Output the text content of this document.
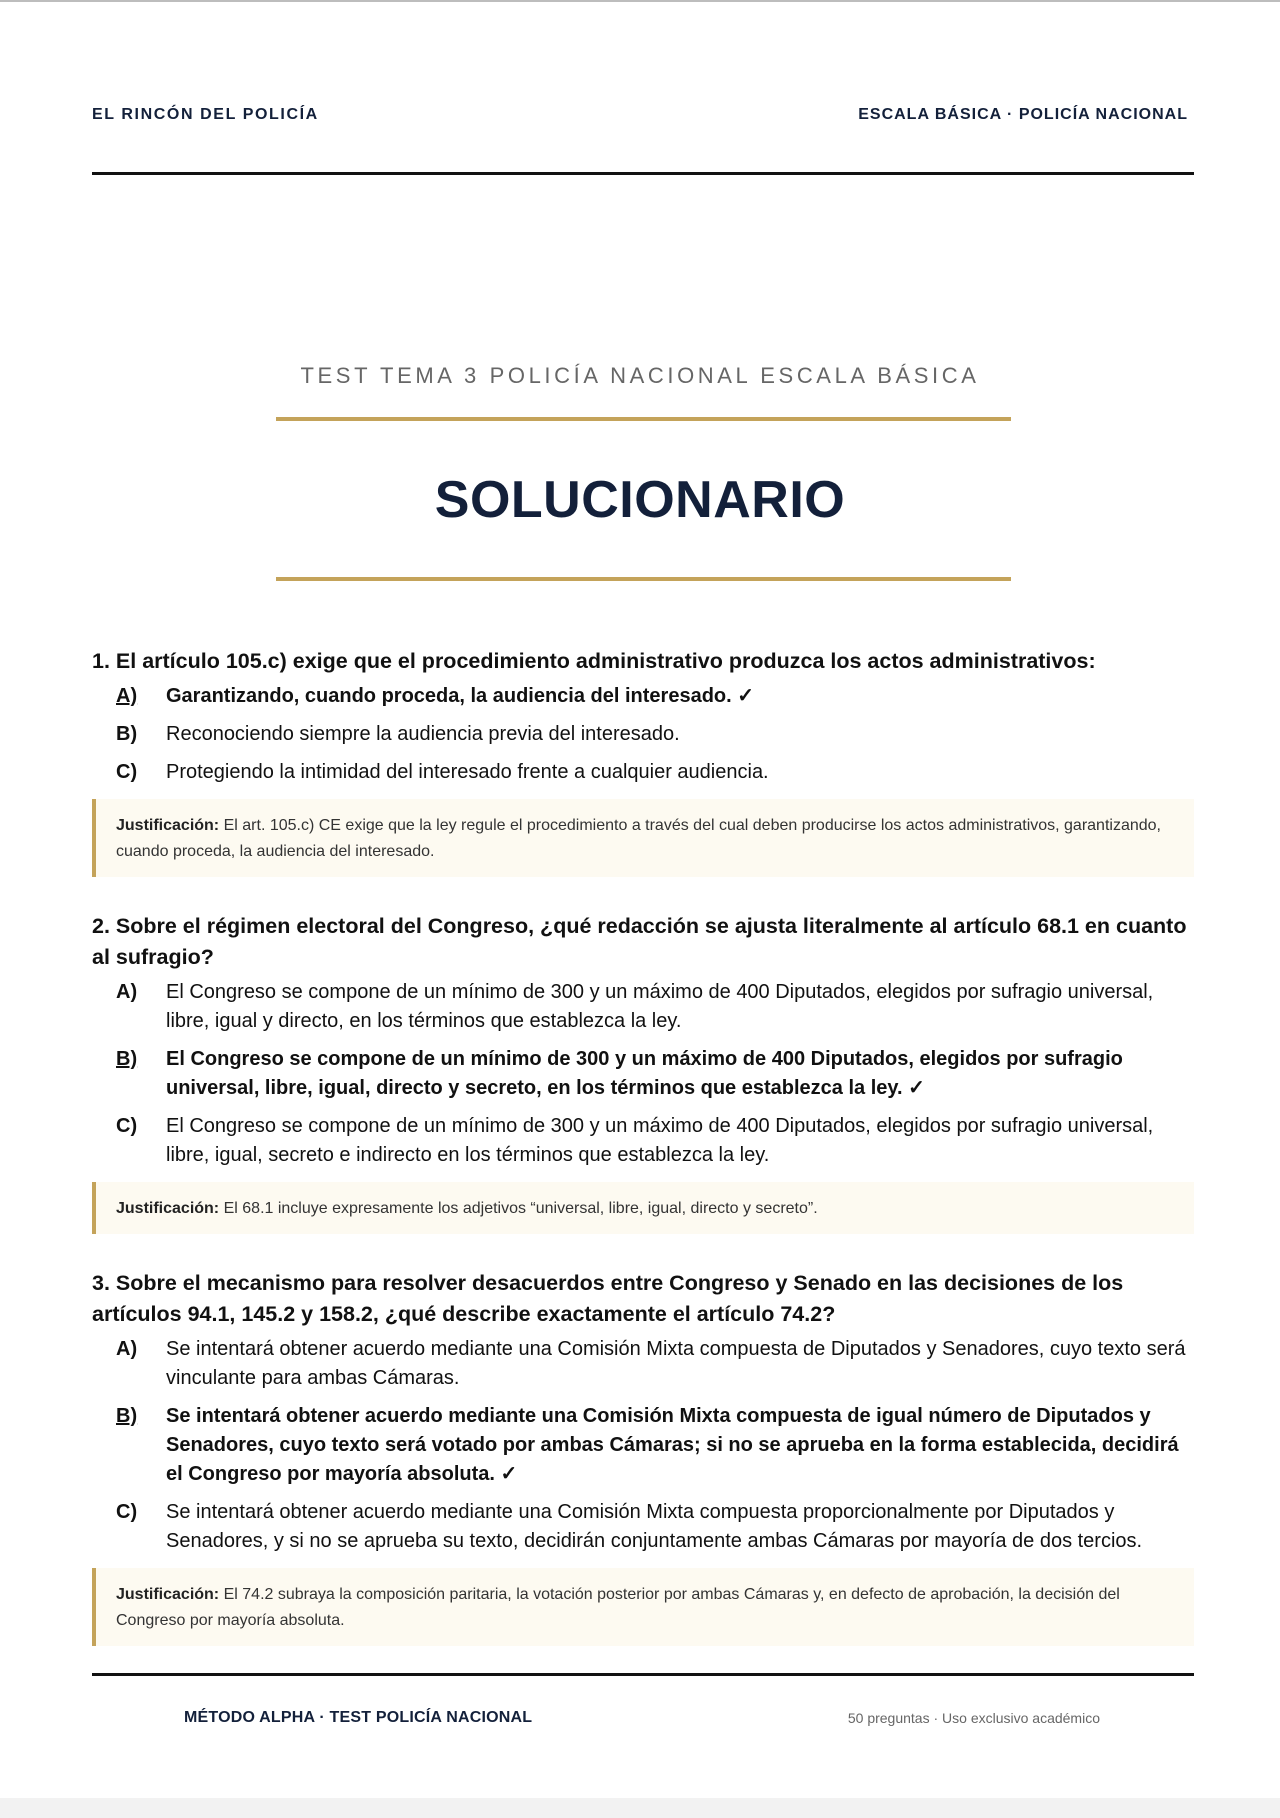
EL RINCÓN DEL POLICÍA	ESCALA BÁSICA · POLICÍA NACIONAL
TEST TEMA 3 POLICÍA NACIONAL ESCALA BÁSICA
SOLUCIONARIO

1. El artículo 105.c) exige que el procedimiento administrativo produzca los actos administrativos:

A)	Garantizando, cuando proceda, la audiencia del interesado. ✓
B)	Reconociendo siempre la audiencia previa del interesado.
C)	Protegiendo la intimidad del interesado frente a cualquier audiencia.
Justificación: El art. 105.c) CE exige que la ley regule el procedimiento a través del cual deben producirse los actos administrativos, garantizando, cuando proceda, la audiencia del interesado.

2. Sobre el régimen electoral del Congreso, ¿qué redacción se ajusta literalmente al artículo 68.1 en cuanto al sufragio?

A)	El Congreso se compone de un mínimo de 300 y un máximo de 400 Diputados, elegidos por sufragio universal, libre, igual y directo, en los términos que establezca la ley.
B)	El Congreso se compone de un mínimo de 300 y un máximo de 400 Diputados, elegidos por sufragio universal, libre, igual, directo y secreto, en los términos que establezca la ley. ✓
C)	El Congreso se compone de un mínimo de 300 y un máximo de 400 Diputados, elegidos por sufragio universal, libre, igual, secreto e indirecto en los términos que establezca la ley.
Justificación: El 68.1 incluye expresamente los adjetivos “universal, libre, igual, directo y secreto”.

3. Sobre el mecanismo para resolver desacuerdos entre Congreso y Senado en las decisiones de los artículos 94.1, 145.2 y 158.2, ¿qué describe exactamente el artículo 74.2?

A)	Se intentará obtener acuerdo mediante una Comisión Mixta compuesta de Diputados y Senadores, cuyo texto será vinculante para ambas Cámaras.
B)	Se intentará obtener acuerdo mediante una Comisión Mixta compuesta de igual número de Diputados y Senadores, cuyo texto será votado por ambas Cámaras; si no se aprueba en la forma establecida, decidirá el Congreso por mayoría absoluta. ✓
C)	Se intentará obtener acuerdo mediante una Comisión Mixta compuesta proporcionalmente por Diputados y Senadores, y si no se aprueba su texto, decidirán conjuntamente ambas Cámaras por mayoría de dos tercios.
Justificación: El 74.2 subraya la composición paritaria, la votación posterior por ambas Cámaras y, en defecto de aprobación, la decisión del Congreso por mayoría absoluta.
MÉTODO ALPHA · TEST POLICÍA NACIONAL	50 preguntas · Uso exclusivo académico
